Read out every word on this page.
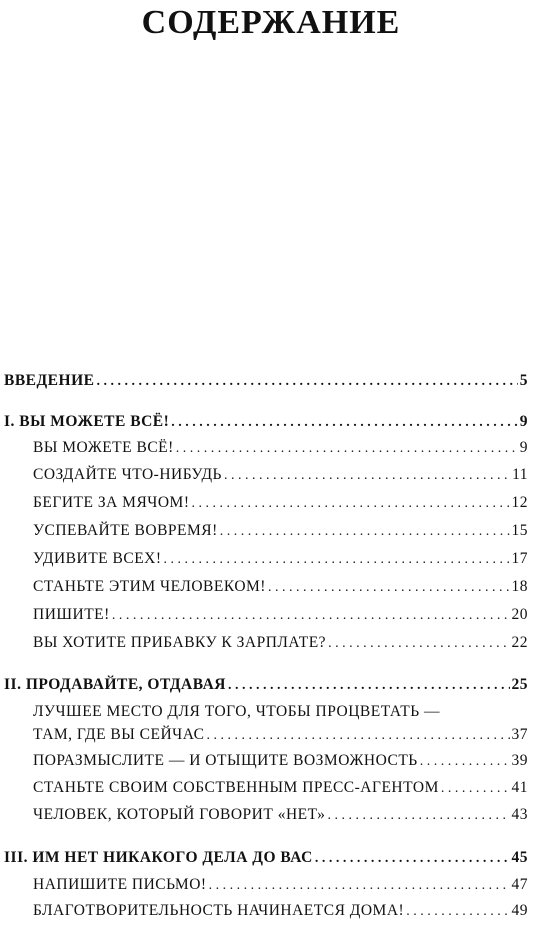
СОДЕРЖАНИЕ
ВВЕДЕНИЕ . . .	5
I. ВЫ МОЖЕТЕ ВСЁ! . . .	9
ВЫ МОЖЕТЕ ВСЁ! . . .	9
СОЗДАЙТЕ ЧТО-НИБУДЬ . . .	11
БЕГИТЕ ЗА МЯЧОМ! . . .	12
УСПЕВАЙТЕ ВОВРЕМЯ! . . .	15
УДИВИТЕ ВСЕХ! . . .	17
СТАНЬТЕ ЭТИМ ЧЕЛОВЕКОМ! . . .	18
ПИШИТЕ! . . .	20
ВЫ ХОТИТЕ ПРИБАВКУ К ЗАРПЛАТЕ? . . .	22
II. ПРОДАВАЙТЕ, ОТДАВАЯ . . .	25
ЛУЧШЕЕ МЕСТО ДЛЯ ТОГО, ЧТОБЫ ПРОЦВЕТАТЬ —
ТАМ, ГДЕ ВЫ СЕЙЧАС . . .	37
ПОРАЗМЫСЛИТЕ — И ОТЫЩИТЕ ВОЗМОЖНОСТЬ . . .	39
СТАНЬТЕ СВОИМ СОБСТВЕННЫМ ПРЕСС-АГЕНТОМ . . .	41
ЧЕЛОВЕК, КОТОРЫЙ ГОВОРИТ «НЕТ» . . .	43
III. ИМ НЕТ НИКАКОГО ДЕЛА ДО ВАС . . .	45
НАПИШИТЕ ПИСЬМО! . . .	47
БЛАГОТВОРИТЕЛЬНОСТЬ НАЧИНАЕТСЯ ДОМА! . . .	49
